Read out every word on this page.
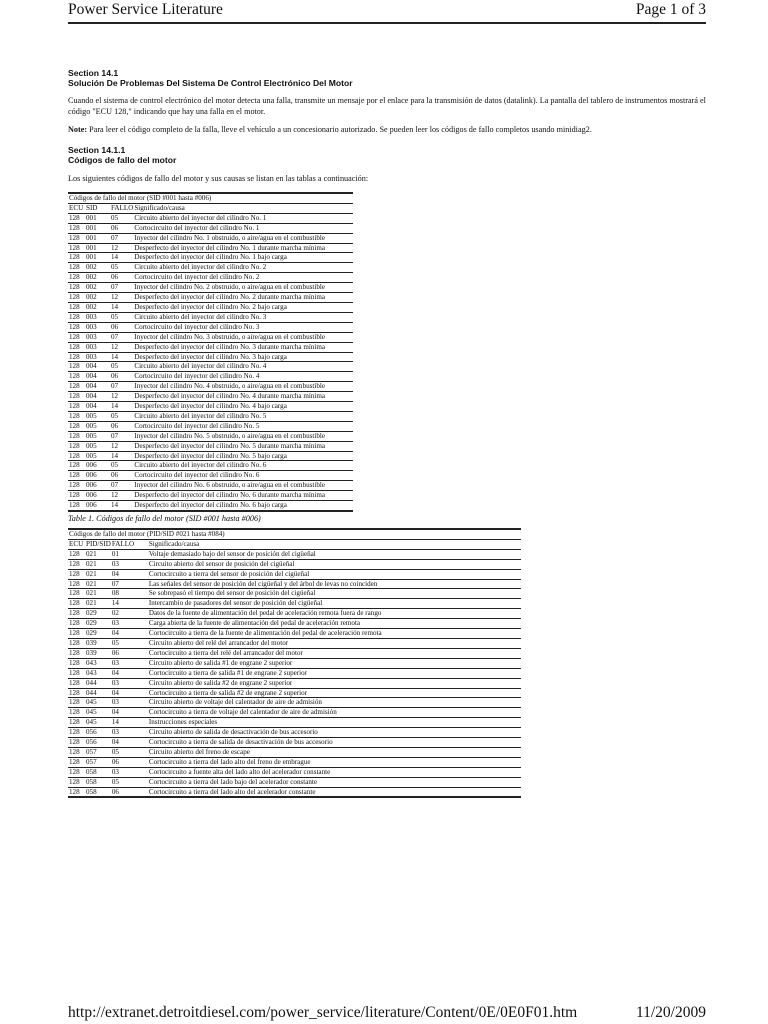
Power Service Literature	Page 1 of 3
Section 14.1
Solución De Problemas Del Sistema De Control Electrónico Del Motor

Cuando el sistema de control electrónico del motor detecta una falla, transmite un mensaje por el enlace para la transmisión de datos (datalink). La pantalla del tablero de instrumentos mostrará el código "ECU 128," indicando que hay una falla en el motor.

Note: Para leer el código completo de la falla, lleve el vehículo a un concesionario autorizado. Se pueden leer los códigos de fallo completos usando minidiag2.

Section 14.1.1
Códigos de fallo del motor

Los siguientes códigos de fallo del motor y sus causas se listan en las tablas a continuación:

Códigos de fallo del motor (SID #001 hasta #006)			
ECU	SID	FALLO	Significado/causa
128	001	05	Circuito abierto del inyector del cilindro No. 1
128	001	06	Cortocircuito del inyector del cilindro No. 1
128	001	07	Inyector del cilindro No. 1 obstruido, o aire/agua en el combustible
128	001	12	Desperfecto del inyector del cilindro No. 1 durante marcha mínima
128	001	14	Desperfecto del inyector del cilindro No. 1 bajo carga
128	002	05	Circuito abierto del inyector del cilindro No. 2
128	002	06	Cortocircuito del inyector del cilindro No. 2
128	002	07	Inyector del cilindro No. 2 obstruido, o aire/agua en el combustible
128	002	12	Desperfecto del inyector del cilindro No. 2 durante marcha mínima
128	002	14	Desperfecto del inyector del cilindro No. 2 bajo carga
128	003	05	Circuito abierto del inyector del cilindro No. 3
128	003	06	Cortocircuito del inyector del cilindro No. 3
128	003	07	Inyector del cilindro No. 3 obstruido, o aire/agua en el combustible
128	003	12	Desperfecto del inyector del cilindro No. 3 durante marcha mínima
128	003	14	Desperfecto del inyector del cilindro No. 3 bajo carga
128	004	05	Circuito abierto del inyector del cilindro No. 4
128	004	06	Cortocircuito del inyector del cilindro No. 4
128	004	07	Inyector del cilindro No. 4 obstruido, o aire/agua en el combustible
128	004	12	Desperfecto del inyector del cilindro No. 4 durante marcha mínima
128	004	14	Desperfecto del inyector del cilindro No. 4 bajo carga
128	005	05	Circuito abierto del inyector del cilindro No. 5
128	005	06	Cortocircuito del inyector del cilindro No. 5
128	005	07	Inyector del cilindro No. 5 obstruido, o aire/agua en el combustible
128	005	12	Desperfecto del inyector del cilindro No. 5 durante marcha mínima
128	005	14	Desperfecto del inyector del cilindro No. 5 bajo carga
128	006	05	Circuito abierto del inyector del cilindro No. 6
128	006	06	Cortocircuito del inyector del cilindro No. 6
128	006	07	Inyector del cilindro No. 6 obstruido, o aire/agua en el combustible
128	006	12	Desperfecto del inyector del cilindro No. 6 durante marcha mínima
128	006	14	Desperfecto del inyector del cilindro No. 6 bajo carga
Table 1. Códigos de fallo del motor (SID #001 hasta #006)
Códigos de fallo del motor (PID/SID #021 hasta #084)			
ECU	PID/SID	FALLO	Significado/causa
128	021	01	Voltaje demasiado bajo del sensor de posición del cigüeñal
128	021	03	Circuito abierto del sensor de posición del cigüeñal
128	021	04	Cortocircuito a tierra del sensor de posición del cigüeñal
128	021	07	Las señales del sensor de posición del cigüeñal y del árbol de levas no coinciden
128	021	08	Se sobrepasó el tiempo del sensor de posición del cigüeñal
128	021	14	Intercambio de pasadores del sensor de posición del cigüeñal
128	029	02	Datos de la fuente de alimentación del pedal de aceleración remota fuera de rango
128	029	03	Carga abierta de la fuente de alimentación del pedal de aceleración remota
128	029	04	Cortocircuito a tierra de la fuente de alimentación del pedal de aceleración remota
128	039	05	Circuito abierto del relé del arrancador del motor
128	039	06	Cortocircuito a tierra del relé del arrancador del motor
128	043	03	Circuito abierto de salida #1 de engrane 2 superior
128	043	04	Cortocircuito a tierra de salida #1 de engrane 2 superior
128	044	03	Circuito abierto de salida #2 de engrane 2 superior
128	044	04	Cortocircuito a tierra de salida #2 de engrane 2 superior
128	045	03	Circuito abierto de voltaje del calentador de aire de admisión
128	045	04	Cortocircuito a tierra de voltaje del calentador de aire de admisión
128	045	14	Instrucciones especiales
128	056	03	Circuito abierto de salida de desactivación de bus accesorio
128	056	04	Cortocircuito a tierra de salida de desactivación de bus accesorio
128	057	05	Circuito abierto del freno de escape
128	057	06	Cortocircuito a tierra del lado alto del freno de embrague
128	058	03	Cortocircuito a fuente alta del lado alto del acelerador constante
128	058	05	Cortocircuito a tierra del lado bajo del acelerador constante
128	058	06	Cortocircuito a tierra del lado alto del acelerador constante
http://extranet.detroitdiesel.com/power_service/literature/Content/0E/0E0F01.htm	11/20/2009
